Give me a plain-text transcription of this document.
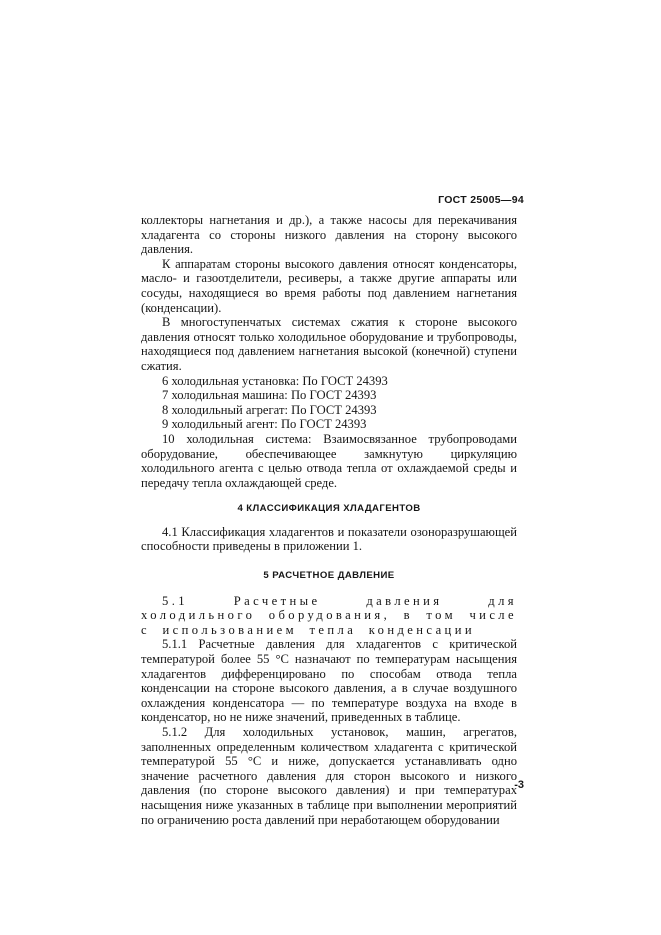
ГОСТ 25005—94

коллекторы нагнетания и др.), а также насосы для перекачивания хладагента со стороны низкого давления на сторону высокого давления.

К аппаратам стороны высокого давления относят конденсаторы, масло- и газоотделители, ресиверы, а также другие аппараты или сосуды, находящиеся во время работы под давлением нагнетания (конденсации).

В многоступенчатых системах сжатия к стороне высокого давления относят только холодильное оборудование и трубопроводы, находящиеся под давлением нагнетания высокой (конечной) ступени сжатия.

6 холодильная установка: По ГОСТ 24393

7 холодильная машина: По ГОСТ 24393

8 холодильный агрегат: По ГОСТ 24393

9 холодильный агент: По ГОСТ 24393

10 холодильная система: Взаимосвязанное трубопроводами оборудование, обеспечивающее замкнутую циркуляцию холодильного агента с целью отвода тепла от охлаждаемой среды и передачу тепла охлаждающей среде.

4 КЛАССИФИКАЦИЯ ХЛАДАГЕНТОВ

4.1 Классификация хладагентов и показатели озоноразрушающей способности приведены в приложении 1.

5 РАСЧЕТНОЕ ДАВЛЕНИЕ

5.1 Расчетные давления для холодильного оборудования, в том числе с использованием тепла конденсации

5.1.1 Расчетные давления для хладагентов с критической температурой более 55 °С назначают по температурам насыщения хладагентов дифференцировано по способам отвода тепла конденсации на стороне высокого давления, а в случае воздушного охлаждения конденсатора — по температуре воздуха на входе в конденсатор, но не ниже значений, приведенных в таблице.

5.1.2 Для холодильных установок, машин, агрегатов, заполненных определенным количеством хладагента с критической температурой 55 °С и ниже, допускается устанавливать одно значение расчетного давления для сторон высокого и низкого давления (по стороне высокого давления) и при температурах насыщения ниже указанных в таблице при выполнении мероприятий по ограничению роста давлений при неработающем оборудовании

-3
